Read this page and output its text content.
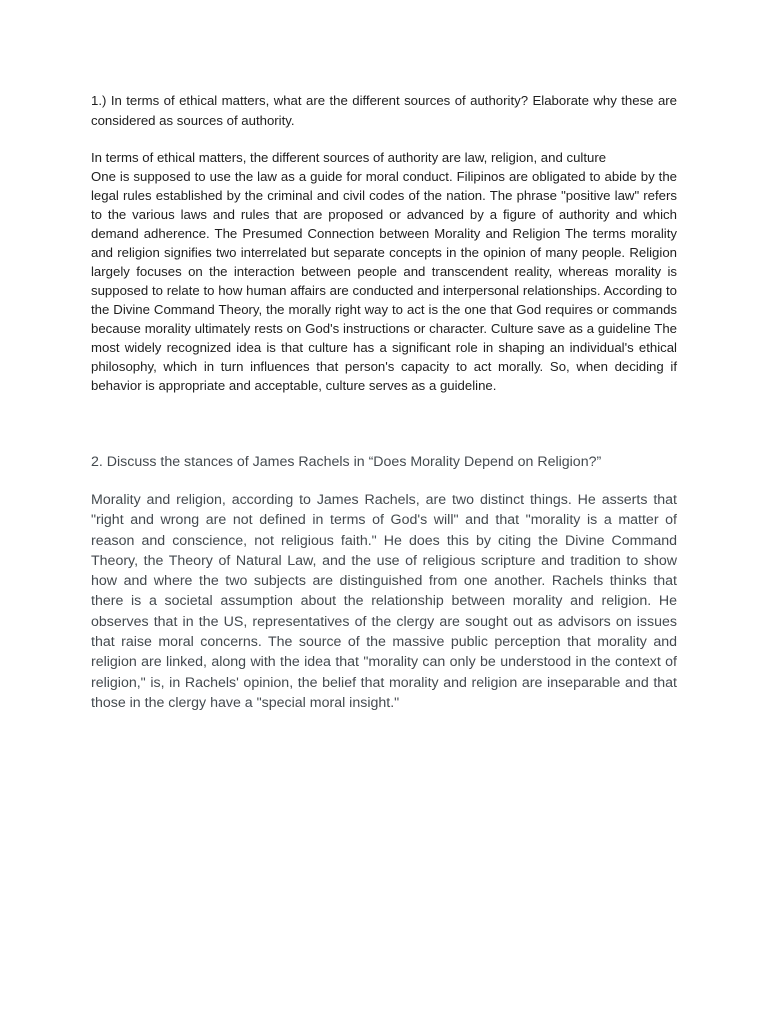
1.) In terms of ethical matters, what are the different sources of authority? Elaborate why these are considered as sources of authority.

In terms of ethical matters, the different sources of authority are law, religion, and culture
One is supposed to use the law as a guide for moral conduct. Filipinos are obligated to abide by the legal rules established by the criminal and civil codes of the nation. The phrase "positive law" refers to the various laws and rules that are proposed or advanced by a figure of authority and which demand adherence. The Presumed Connection between Morality and Religion The terms morality and religion signifies two interrelated but separate concepts in the opinion of many people. Religion largely focuses on the interaction between people and transcendent reality, whereas morality is supposed to relate to how human affairs are conducted and interpersonal relationships. According to the Divine Command Theory, the morally right way to act is the one that God requires or commands because morality ultimately rests on God's instructions or character. Culture save as a guideline The most widely recognized idea is that culture has a significant role in shaping an individual's ethical philosophy, which in turn influences that person's capacity to act morally. So, when deciding if behavior is appropriate and acceptable, culture serves as a guideline.

2. Discuss the stances of James Rachels in “Does Morality Depend on Religion?”

Morality and religion, according to James Rachels, are two distinct things. He asserts that "right and wrong are not defined in terms of God's will" and that "morality is a matter of reason and conscience, not religious faith." He does this by citing the Divine Command Theory, the Theory of Natural Law, and the use of religious scripture and tradition to show how and where the two subjects are distinguished from one another. Rachels thinks that there is a societal assumption about the relationship between morality and religion. He observes that in the US, representatives of the clergy are sought out as advisors on issues that raise moral concerns. The source of the massive public perception that morality and religion are linked, along with the idea that "morality can only be understood in the context of religion," is, in Rachels' opinion, the belief that morality and religion are inseparable and that those in the clergy have a "special moral insight."
